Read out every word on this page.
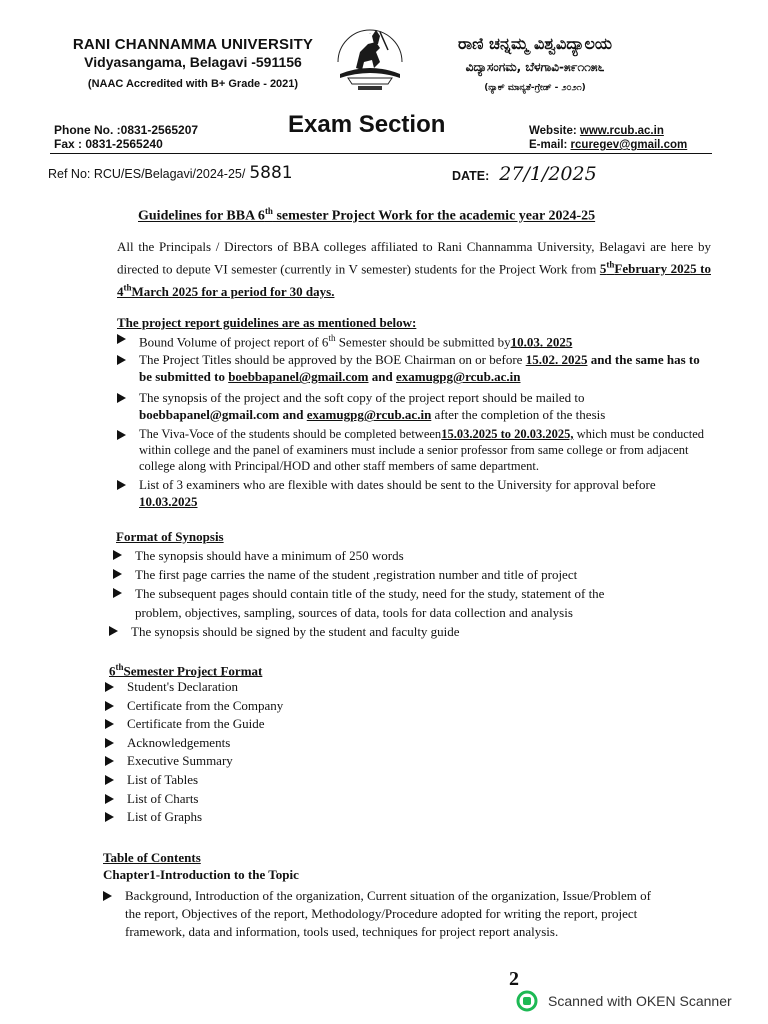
RANI CHANNAMMA UNIVERSITY
Vidyasangama, Belagavi -591156
(NAAC Accredited with B+ Grade - 2021)
.
ರಾಣಿ ಚನ್ನಮ್ಮ ವಿಶ್ವವಿದ್ಯಾಲಯ
ವಿದ್ಯಾಸಂಗಮ, ಬೆಳಗಾವಿ-೫೯೧೧೫೬
(ನ್ಯಾಕ್ ಮಾನ್ಯತೆ-ಗ್ರೇಡ್ - ೨೦೨೧)
Phone No. :0831-2565207
Fax : 0831-2565240
Exam Section	Website: www.rcub.ac.in
E-mail: rcuregev@gmail.com
Ref No: RCU/ES/Belagavi/2024-25/ 5881	DATE: 27/1/2025
Guidelines for BBA 6th semester Project Work for the academic year 2024-25
All the Principals / Directors of BBA colleges affiliated to Rani Channamma University, Belagavi are here by directed to depute VI semester (currently in V semester) students for the Project Work from 5thFebruary 2025 to 4thMarch 2025 for a period for 30 days.
The project report guidelines are as mentioned below:
Bound Volume of project report of 6th Semester should be submitted by10.03. 2025
The Project Titles should be approved by the BOE Chairman on or before 15.02. 2025 and the same has to be submitted to boebbapanel@gmail.com and examugpg@rcub.ac.in
The synopsis of the project and the soft copy of the project report should be mailed to boebbapanel@gmail.com and examugpg@rcub.ac.in after the completion of the thesis
The Viva-Voce of the students should be completed between15.03.2025 to 20.03.2025, which must be conducted within college and the panel of examiners must include a senior professor from same college or from adjacent college along with Principal/HOD and other staff members of same department.
List of 3 examiners who are flexible with dates should be sent to the University for approval before 10.03.2025
Format of Synopsis
The synopsis should have a minimum of 250 words
The first page carries the name of the student ,registration number and title of project
The subsequent pages should contain title of the study, need for the study, statement of the problem, objectives, sampling, sources of data, tools for data collection and analysis
The synopsis should be signed by the student and faculty guide
6thSemester Project Format
Student's Declaration
Certificate from the Company
Certificate from the Guide
Acknowledgements
Executive Summary
List of Tables
List of Charts
List of Graphs
Table of Contents
Chapter1-Introduction to the Topic
Background, Introduction of the organization, Current situation of the organization, Issue/Problem of the report, Objectives of the report, Methodology/Procedure adopted for writing the report, project framework, data and information, tools used, techniques for project report analysis.
2
Scanned with OKEN Scanner
